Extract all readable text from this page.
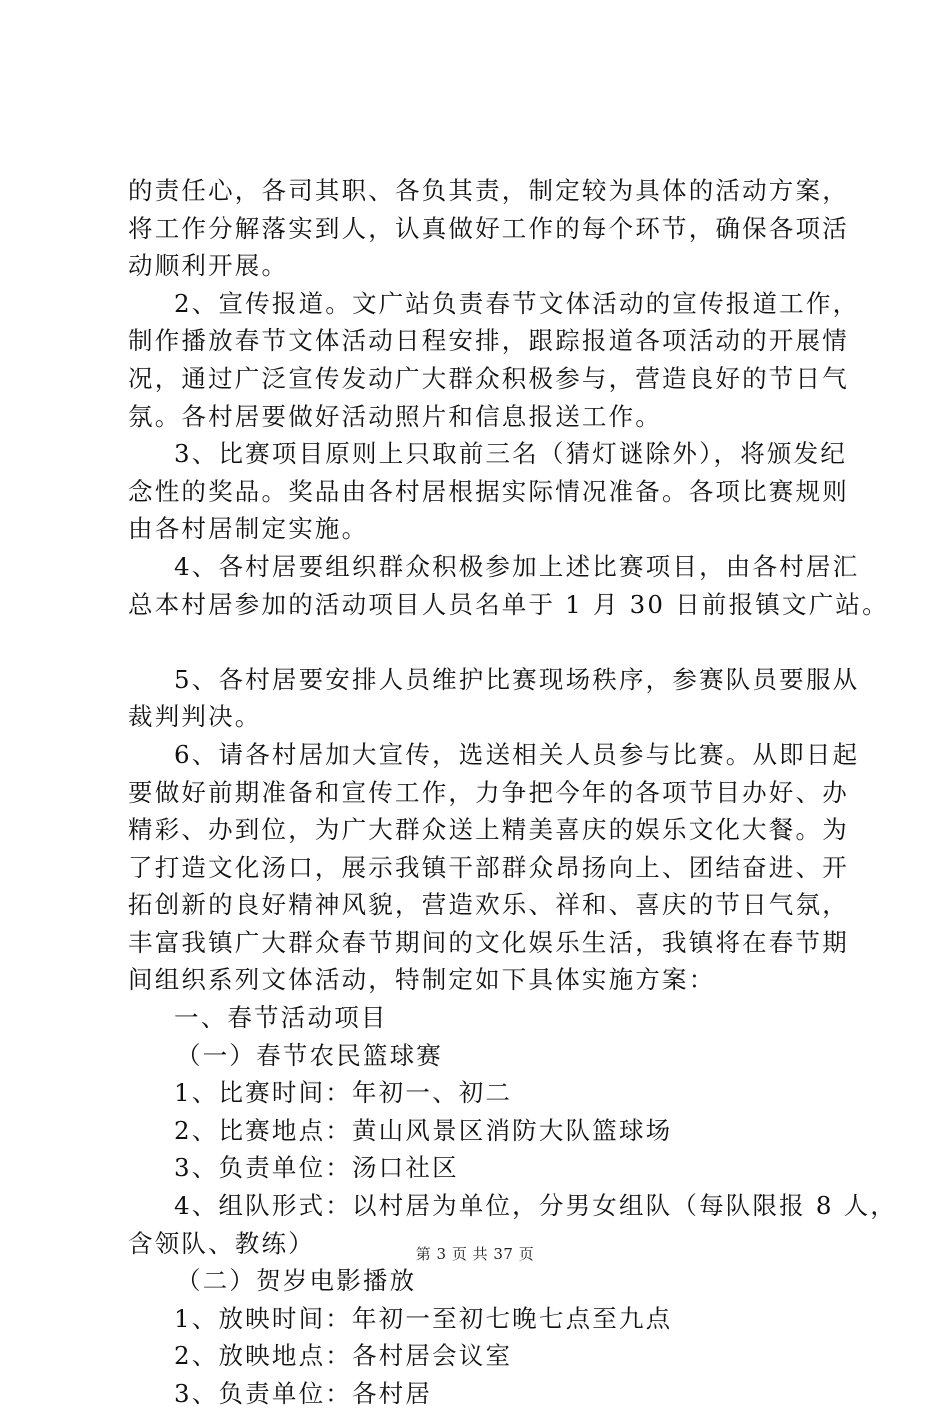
的责任心，各司其职、各负其责，制定较为具体的活动方案，
将工作分解落实到人，认真做好工作的每个环节，确保各项活
动顺利开展。
2、宣传报道。文广站负责春节文体活动的宣传报道工作，
制作播放春节文体活动日程安排，跟踪报道各项活动的开展情
况，通过广泛宣传发动广大群众积极参与，营造良好的节日气
氛。各村居要做好活动照片和信息报送工作。
3、比赛项目原则上只取前三名（猜灯谜除外），将颁发纪
念性的奖品。奖品由各村居根据实际情况准备。各项比赛规则
由各村居制定实施。
4、各村居要组织群众积极参加上述比赛项目，由各村居汇
总本村居参加的活动项目人员名单于 1 月 30 日前报镇文广站。
5、各村居要安排人员维护比赛现场秩序，参赛队员要服从
裁判判决。
6、请各村居加大宣传，选送相关人员参与比赛。从即日起
要做好前期准备和宣传工作，力争把今年的各项节目办好、办
精彩、办到位，为广大群众送上精美喜庆的娱乐文化大餐。为
了打造文化汤口，展示我镇干部群众昂扬向上、团结奋进、开
拓创新的良好精神风貌，营造欢乐、祥和、喜庆的节日气氛，
丰富我镇广大群众春节期间的文化娱乐生活，我镇将在春节期
间组织系列文体活动，特制定如下具体实施方案：
一、春节活动项目
（一）春节农民篮球赛
1、比赛时间：年初一、初二
2、比赛地点：黄山风景区消防大队篮球场
3、负责单位：汤口社区
4、组队形式：以村居为单位，分男女组队（每队限报 8 人，
含领队、教练）
（二）贺岁电影播放
1、放映时间：年初一至初七晚七点至九点
2、放映地点：各村居会议室
3、负责单位：各村居
第 3 页 共 37 页
